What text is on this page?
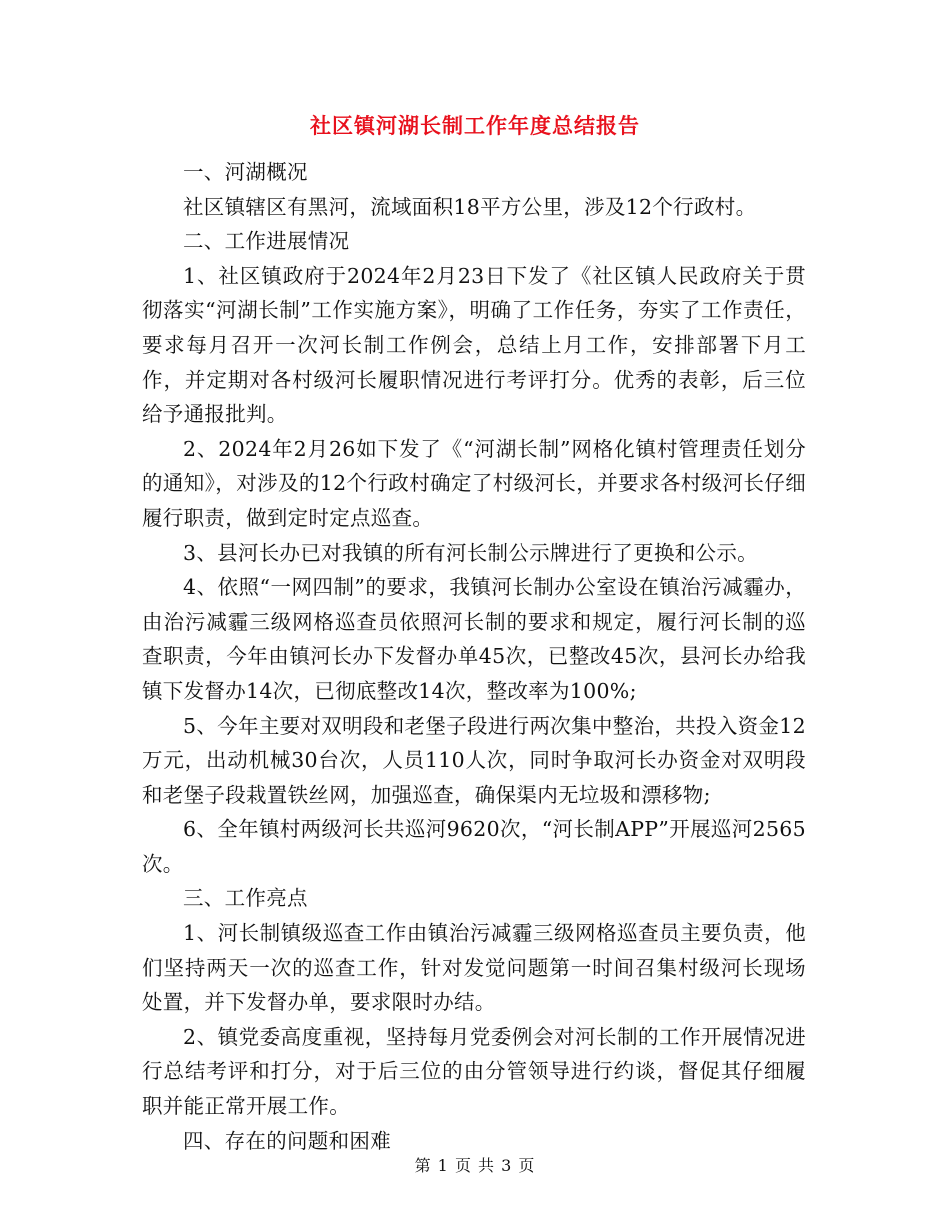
社区镇河湖长制工作年度总结报告

一、河湖概况

社区镇辖区有黑河，流域面积18平方公里，涉及12个行政村。

二、工作进展情况

1、社区镇政府于2024年2月23日下发了《社区镇人民政府关于贯彻落实“河湖长制”工作实施方案》，明确了工作任务，夯实了工作责任，要求每月召开一次河长制工作例会，总结上月工作，安排部署下月工作，并定期对各村级河长履职情况进行考评打分。优秀的表彰，后三位给予通报批判。

2、2024年2月26如下发了《“河湖长制”网格化镇村管理责任划分的通知》，对涉及的12个行政村确定了村级河长，并要求各村级河长仔细履行职责，做到定时定点巡查。

3、县河长办已对我镇的所有河长制公示牌进行了更换和公示。

4、依照“一网四制”的要求，我镇河长制办公室设在镇治污减霾办，由治污减霾三级网格巡查员依照河长制的要求和规定，履行河长制的巡查职责，今年由镇河长办下发督办单45次，已整改45次，县河长办给我镇下发督办14次，已彻底整改14次，整改率为100%;

5、今年主要对双明段和老堡子段进行两次集中整治，共投入资金12万元，出动机械30台次，人员110人次，同时争取河长办资金对双明段和老堡子段栽置铁丝网，加强巡查，确保渠内无垃圾和漂移物;

6、全年镇村两级河长共巡河9620次，“河长制APP”开展巡河2565次。

三、工作亮点

1、河长制镇级巡查工作由镇治污减霾三级网格巡查员主要负责，他们坚持两天一次的巡查工作，针对发觉问题第一时间召集村级河长现场处置，并下发督办单，要求限时办结。

2、镇党委高度重视，坚持每月党委例会对河长制的工作开展情况进行总结考评和打分，对于后三位的由分管领导进行约谈，督促其仔细履职并能正常开展工作。

四、存在的问题和困难

第 1 页 共 3 页
